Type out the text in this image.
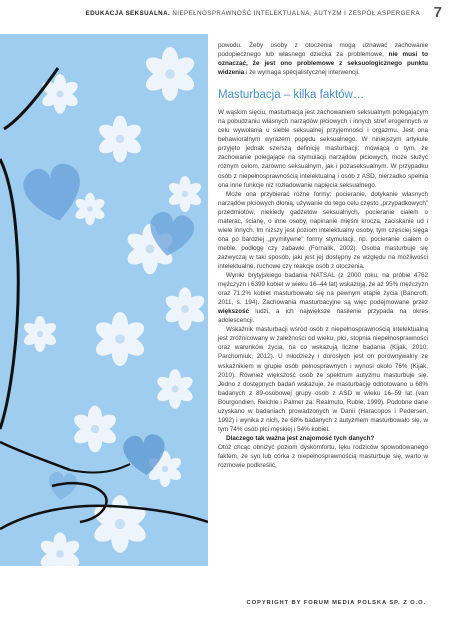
EDUKACJA SEKSUALNA. NIEPEŁNOSPRAWNOŚĆ INTELEKTUALNA, AUTYZM I ZESPÓŁ ASPERGERA 7

powodu. Żeby osoby z otoczenia mogą uznawać zachowanie podopiecznego lub własnego dziecka za problemowe, nie musi to oznaczać, że jest ono problemowe z seksuologicznego punktu widzenia i że wymaga specjalistycznej interwencji.

Masturbacja – kilka faktów…

W wąskim sięciu, masturbacja jest zachowaniem seksualnym polegającym na pobudzaniu własnych narządów płciowych i innych stref erogennych w celu wywołania u siebie seksualnej przyjemności i orgazmu. Jest ona behawioralnym wyrazem popędu seksualnego. W niniejszym artykule przyjęto jednak szerszą definicję masturbacji: mówiącą o tym, że zachowanie polegające na stymulacji narządów płciowych, może służyć różnym celom, zarówno seksualnym, jak i pozaseksualnym. W przypadku osób z niepełnosprawnością intelektualną i osób z ASD, nierzadko spełnia ona inne funkcje niż rozładowanie napięcia seksualnego.

Może ona przybierać różne formy: pocieranie, dotykanie własnych narządów płciowych dłonią, używanie do tego celu często „przypadkowych” przedmiotów, niekiedy gadżetów seksualnych, pocieranie ciałem o materac, ścianę, o inne osoby, napinanie mięśni krocza, zaciskanie ud i wiele innych. Im niższy jest poziom intelektualny osoby, tym częściej sięga ona po bardziej „prymitywne” formy stymulacji, np. pocieranie ciałem o meble, podłogę czy zabawki (Fornalik, 2002). Osoba masturbuje się zazwyczaj w taki sposób, jaki jest jej dostępny ze względu na możliwości intelektualne, ruchowe czy reakcje osób z otoczenia.

Wyniki brytyjskiego badania NATSAL (z 2000 roku, na próbie 4762 mężczyzn i 6399 kobiet w wieku 16–44 lat) wskazują, że aż 95% mężczyzn oraz 71,2% kobiet masturbowało się na pewnym etapie życia (Bancroft, 2011, s. 194). Zachowania masturbacyjne są więc podejmowane przez większość ludzi, a ich największe nasilenie przypada na okres adolescencji.

Wskaźnik masturbacji wśród osób z niepełnosprawnością intelektualną jest zróżnicowany w zależności od wieku, płci, stopnia niepełnosprawności oraz warunków życia, na co wskazują liczne badania (Kijak, 2010; Parchomiuk, 2012). U młodzieży i dorosłych jest on porównywalny ze wskaźnikiem w grupie osób pełnosprawnych i wynosi około 76% (Kijak, 2010). Również większość osób ze spektrum autyzmu masturbuje się. Jedno z dostępnych badań wskazuje, że masturbację odnotowano u 68% badanych z 89-osobowej grupy osób z ASD w wieku 16–59 lat (van Bourgondien, Reichle i Palmer za: Realmuto, Ruble, 1999). Podobne dane uzyskano w badaniach prowadzonych w Danii (Haracopos i Pedersen, 1992) i wynika z nich, że 68% badanych z autyzmem masturbowało się, w tym 74% osób płci męskiej i 54% kobiet.

Dlaczego tak ważna jest znajomość tych danych?

Otóż chcąc obniżyć poziom dyskomfortu, lęku rodziców spowodowanego faktem, że syn lub córka z niepełnosprawnością masturbuje się, warto w rozmowie podkreślić,

COPYRIGHT BY FORUM MEDIA POLSKA SP. Z O.O.
